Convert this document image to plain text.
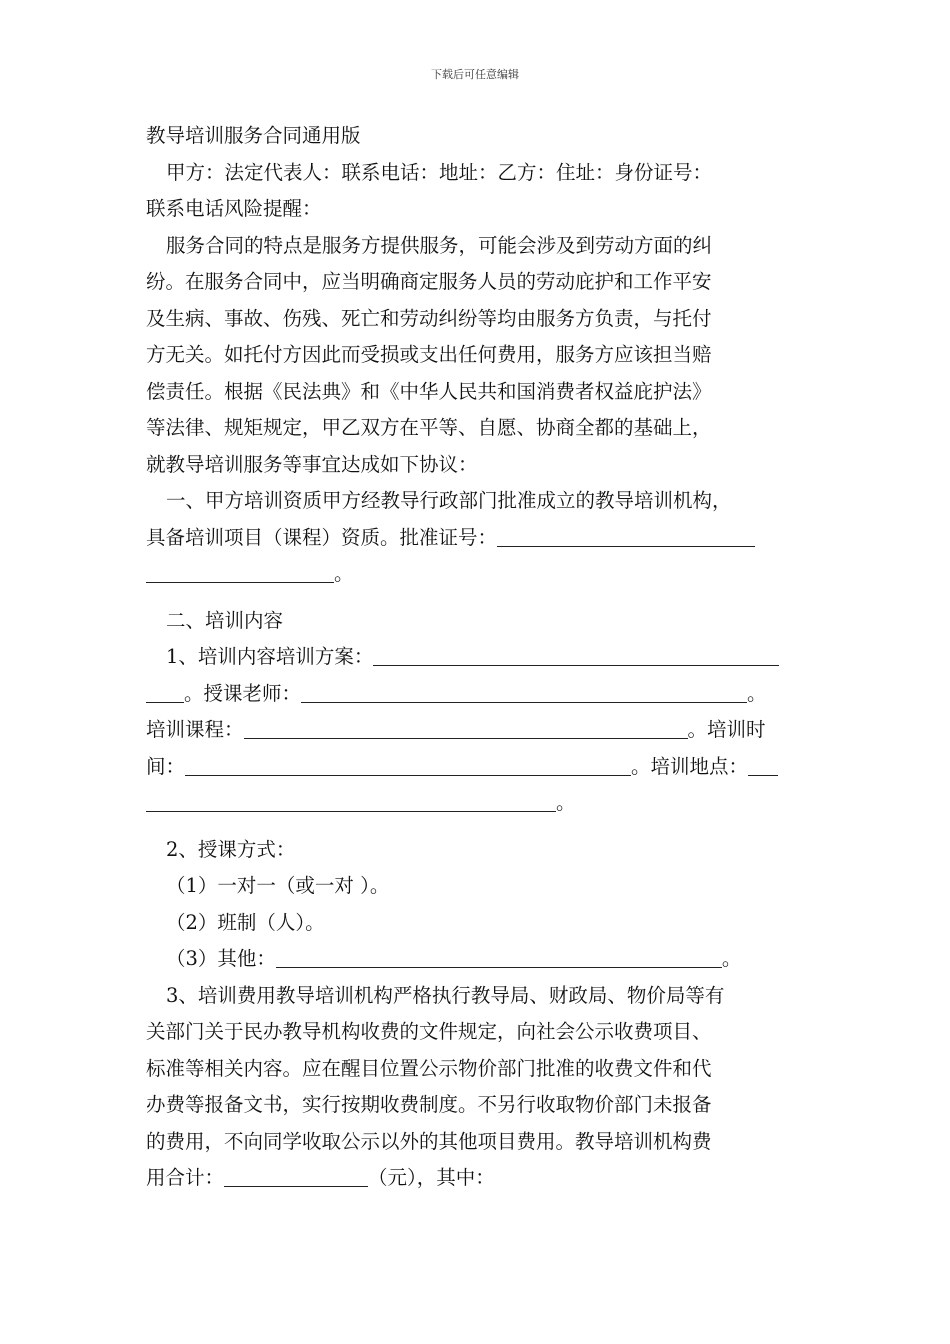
下载后可任意编辑
教导培训服务合同通用版
甲方：法定代表人：联系电话：地址：乙方：住址：身份证号：
联系电话风险提醒：
服务合同的特点是服务方提供服务，可能会涉及到劳动方面的纠
纷。在服务合同中，应当明确商定服务人员的劳动庇护和工作平安
及生病、事故、伤残、死亡和劳动纠纷等均由服务方负责，与托付
方无关。如托付方因此而受损或支出任何费用，服务方应该担当赔
偿责任。根据《民法典》和《中华人民共和国消费者权益庇护法》
等法律、规矩规定，甲乙双方在平等、自愿、协商全都的基础上，
就教导培训服务等事宜达成如下协议：
一、甲方培训资质甲方经教导行政部门批准成立的教导培训机构，
具备培训项目（课程）资质。批准证号：
。
二、培训内容
1、培训内容培训方案：
。授课老师：	。
培训课程：	。培训时
间：	。培训地点：
。
2、授课方式：
（1）一对一（或一对 ）。
（2）班制（人）。
（3）其他：	。
3、培训费用教导培训机构严格执行教导局、财政局、物价局等有
关部门关于民办教导机构收费的文件规定，向社会公示收费项目、
标准等相关内容。应在醒目位置公示物价部门批准的收费文件和代
办费等报备文书，实行按期收费制度。不另行收取物价部门未报备
的费用，不向同学收取公示以外的其他项目费用。教导培训机构费
用合计：	（元），其中：
